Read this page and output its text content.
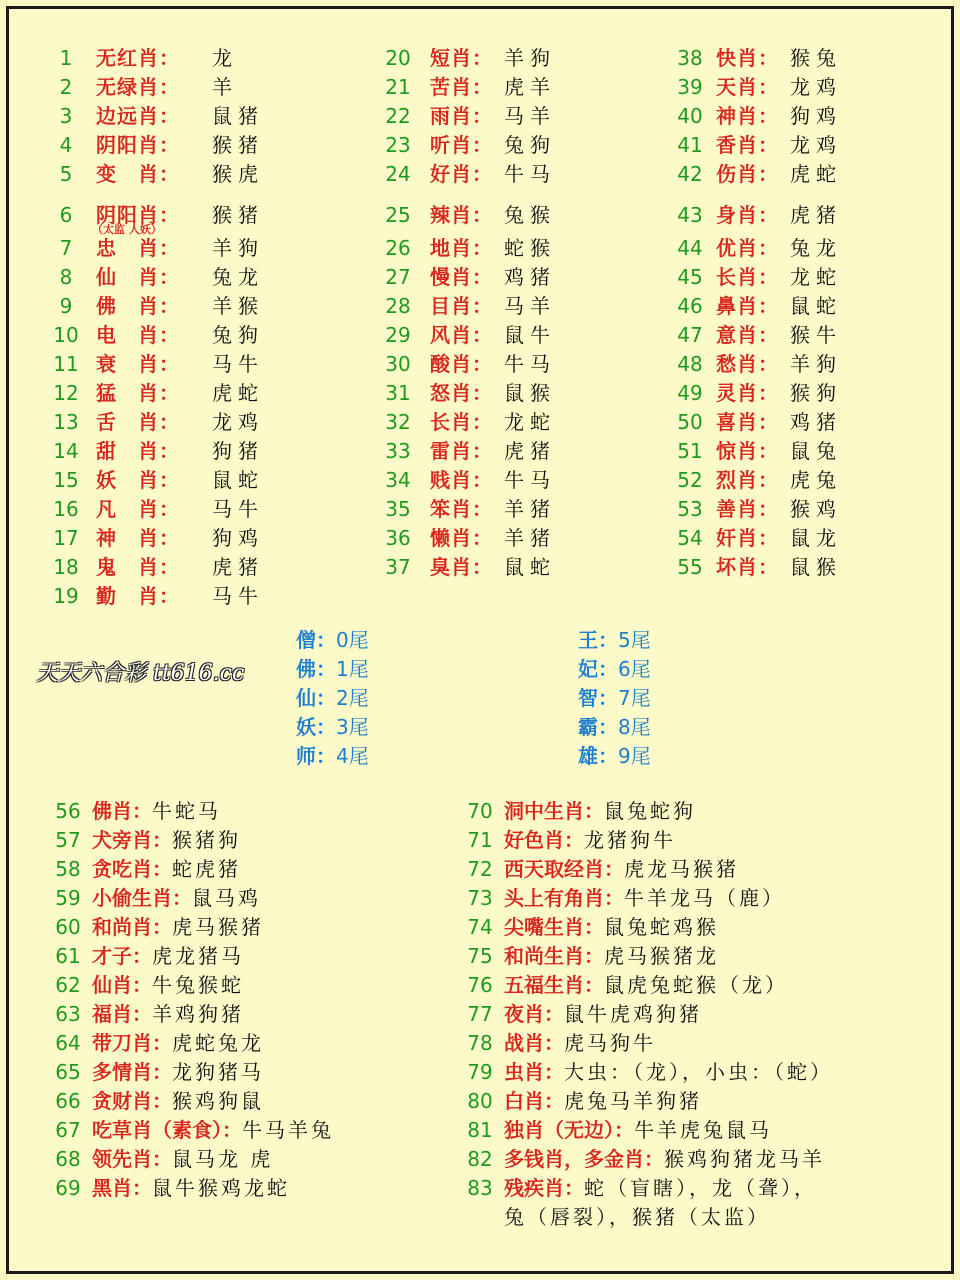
1	无红肖： 龙
2	无绿肖： 羊
3	边远肖： 鼠猪
4	阴阳肖： 猴猪
5	变　肖： 猴虎
6	阴阳肖： 猴猪
（太监 人妖）
7	忠　肖： 羊狗
8	仙　肖： 兔龙
9	佛　肖： 羊猴
10 电　肖： 兔狗
11 衰　肖： 马牛
12 猛　肖： 虎蛇
13 舌　肖： 龙鸡
14 甜　肖： 狗猪
15 妖　肖： 鼠蛇
16 凡　肖： 马牛
17 神　肖： 狗鸡
18 鬼　肖： 虎猪
19 勤　肖： 马牛
20 短肖： 羊狗
21 苦肖： 虎羊
22 雨肖： 马羊
23 听肖： 兔狗
24 好肖： 牛马
25 辣肖： 兔猴
26 地肖： 蛇猴
27 慢肖： 鸡猪
28 目肖： 马羊
29 风肖： 鼠牛
30 酸肖： 牛马
31 怒肖： 鼠猴
32 长肖： 龙蛇
33 雷肖： 虎猪
34 贱肖： 牛马
35 笨肖： 羊猪
36 懒肖： 羊猪
37 臭肖： 鼠蛇
38 快肖： 猴兔
39 天肖： 龙鸡
40 神肖： 狗鸡
41 香肖： 龙鸡
42 伤肖： 虎蛇
43 身肖： 虎猪
44 优肖： 兔龙
45 长肖： 龙蛇
46 鼻肖： 鼠蛇
47 意肖： 猴牛
48 愁肖： 羊狗
49 灵肖： 猴狗
50 喜肖： 鸡猪
51 惊肖： 鼠兔
52 烈肖： 虎兔
53 善肖： 猴鸡
54 奸肖： 鼠龙
55 坏肖： 鼠猴
僧：0尾
佛：1尾
仙：2尾
妖：3尾
师：4尾
王：5尾
妃：6尾
智：7尾
霸：8尾
雄：9尾
56 佛肖：牛蛇马
57 犬旁肖：猴猪狗
58 贪吃肖：蛇虎猪
59 小偷生肖：鼠马鸡
60 和尚肖：虎马猴猪
61 才子：虎龙猪马
62 仙肖：牛兔猴蛇
63 福肖：羊鸡狗猪
64 带刀肖：虎蛇兔龙
65 多情肖：龙狗猪马
66 贪财肖：猴鸡狗鼠
67 吃草肖（素食）：牛马羊兔
68 领先肖：鼠马龙 虎
69 黑肖：鼠牛猴鸡龙蛇
70 洞中生肖：鼠兔蛇狗
71 好色肖：龙猪狗牛
72 西天取经肖：虎龙马猴猪
73 头上有角肖：牛羊龙马（鹿）
74 尖嘴生肖：鼠兔蛇鸡猴
75 和尚生肖：虎马猴猪龙
76 五福生肖：鼠虎兔蛇猴（龙）
77 夜肖：鼠牛虎鸡狗猪
78 战肖：虎马狗牛
79 虫肖：大虫：（龙），小虫：（蛇）
80 白肖：虎兔马羊狗猪
81 独肖（无边）：牛羊虎兔鼠马
82 多钱肖，多金肖：猴鸡狗猪龙马羊
83 残疾肖：蛇（盲瞎），龙（聋），
兔（唇裂），猴猪（太监）
天天六合彩 tt616.cc
